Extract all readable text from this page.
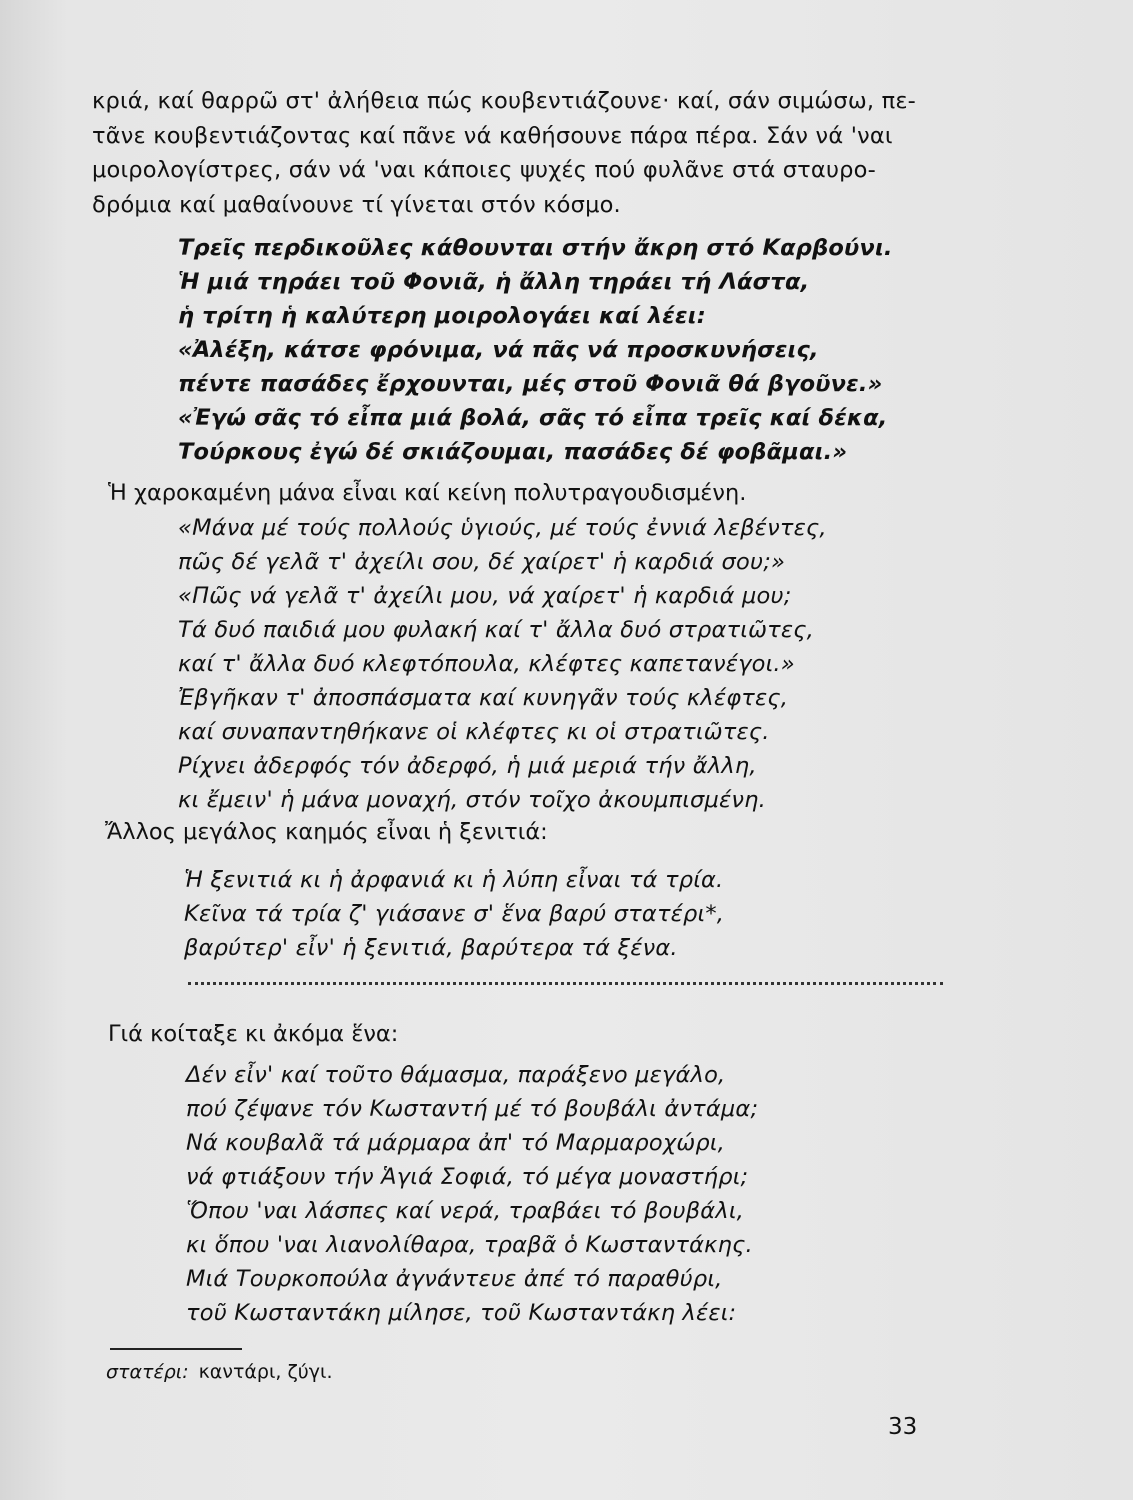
κριά, καί θαρρῶ στ' ἀλήθεια πώς κουβεντιάζουνε· καί, σάν σιμώσω, πε-
τᾶνε κουβεντιάζοντας καί πᾶνε νά καθήσουνε πάρα πέρα. Σάν νά 'ναι
μοιρολογίστρες, σάν νά 'ναι κάποιες ψυχές πού φυλᾶνε στά σταυρο-
δρόμια καί μαθαίνουνε τί γίνεται στόν κόσμο.
Τρεῖς περδικοῦλες κάθουνται στήν ἄκρη στό Καρβούνι.
Ἡ μιά τηράει τοῦ Φονιᾶ, ἡ ἄλλη τηράει τή Λάστα,
ἡ τρίτη ἡ καλύτερη μοιρολογάει καί λέει:
«Ἀλέξη, κάτσε φρόνιμα, νά πᾶς νά προσκυνήσεις,
πέντε πασάδες ἔρχουνται, μές στοῦ Φονιᾶ θά βγοῦνε.»
«Ἐγώ σᾶς τό εἶπα μιά βολά, σᾶς τό εἶπα τρεῖς καί δέκα,
Τούρκους ἐγώ δέ σκιάζουμαι, πασάδες δέ φοβᾶμαι.»
Ἡ χαροκαμένη μάνα εἶναι καί κείνη πολυτραγουδισμένη.
«Μάνα μέ τούς πολλούς ὑγιούς, μέ τούς ἐννιά λεβέντες,
πῶς δέ γελᾶ τ' ἀχείλι σου, δέ χαίρετ' ἡ καρδιά σου;»
«Πῶς νά γελᾶ τ' ἀχείλι μου, νά χαίρετ' ἡ καρδιά μου;
Τά δυό παιδιά μου φυλακή καί τ' ἄλλα δυό στρατιῶτες,
καί τ' ἄλλα δυό κλεφτόπουλα, κλέφτες καπετανέγοι.»
Ἐβγῆκαν τ' ἀποσπάσματα καί κυνηγᾶν τούς κλέφτες,
καί συναπαντηθήκανε οἱ κλέφτες κι οἱ στρατιῶτες.
Ρίχνει ἀδερφός τόν ἀδερφό, ἡ μιά μεριά τήν ἄλλη,
κι ἔμειν' ἡ μάνα μοναχή, στόν τοῖχο ἀκουμπισμένη.
Ἄλλος μεγάλος καημός εἶναι ἡ ξενιτιά:
Ἡ ξενιτιά κι ἡ ἀρφανιά κι ἡ λύπη εἶναι τά τρία.
Κεῖνα τά τρία ζ' γιάσανε σ' ἕνα βαρύ στατέρι*,
βαρύτερ' εἶν' ἡ ξενιτιά, βαρύτερα τά ξένα.
Γιά κοίταξε κι ἀκόμα ἕνα:
Δέν εἶν' καί τοῦτο θάμασμα, παράξενο μεγάλο,
πού ζέψανε τόν Κωσταντή μέ τό βουβάλι ἀντάμα;
Νά κουβαλᾶ τά μάρμαρα ἀπ' τό Μαρμαροχώρι,
νά φτιάξουν τήν Ἁγιά Σοφιά, τό μέγα μοναστήρι;
Ὅπου 'ναι λάσπες καί νερά, τραβάει τό βουβάλι,
κι ὅπου 'ναι λιανολίθαρα, τραβᾶ ὁ Κωσταντάκης.
Μιά Τουρκοπούλα ἀγνάντευε ἀπέ τό παραθύρι,
τοῦ Κωσταντάκη μίλησε, τοῦ Κωσταντάκη λέει:
στατέρι: καντάρι, ζύγι.
33
